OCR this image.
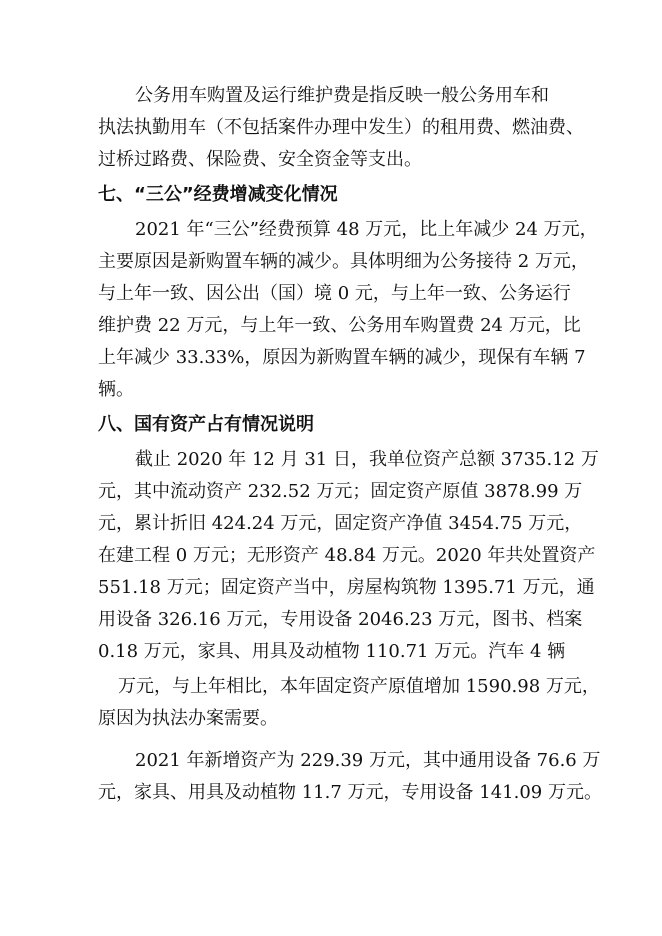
公务用车购置及运行维护费是指反映一般公务用车和
执法执勤用车（不包括案件办理中发生）的租用费、燃油费、
过桥过路费、保险费、安全资金等支出。

七、“三公”经费增减变化情况

2021 年“三公”经费预算 48 万元，比上年减少 24 万元，
主要原因是新购置车辆的减少。具体明细为公务接待 2 万元，
与上年一致、因公出（国）境 0 元，与上年一致、公务运行
维护费 22 万元，与上年一致、公务用车购置费 24 万元，比
上年减少 33.33%，原因为新购置车辆的减少，现保有车辆 7
辆。

八、国有资产占有情况说明

截止 2020 年 12 月 31 日，我单位资产总额 3735.12 万
元，其中流动资产 232.52 万元；固定资产原值 3878.99 万
元，累计折旧 424.24 万元，固定资产净值 3454.75 万元，
在建工程 0 万元；无形资产 48.84 万元。2020 年共处置资产
551.18 万元；固定资产当中，房屋构筑物 1395.71 万元，通
用设备 326.16 万元，专用设备 2046.23 万元，图书、档案
0.18 万元，家具、用具及动植物 110.71 万元。汽车 4 辆

万元，与上年相比，本年固定资产原值增加 1590.98 万元，
原因为执法办案需要。

2021 年新增资产为 229.39 万元，其中通用设备 76.6 万
元，家具、用具及动植物 11.7 万元，专用设备 141.09 万元。
